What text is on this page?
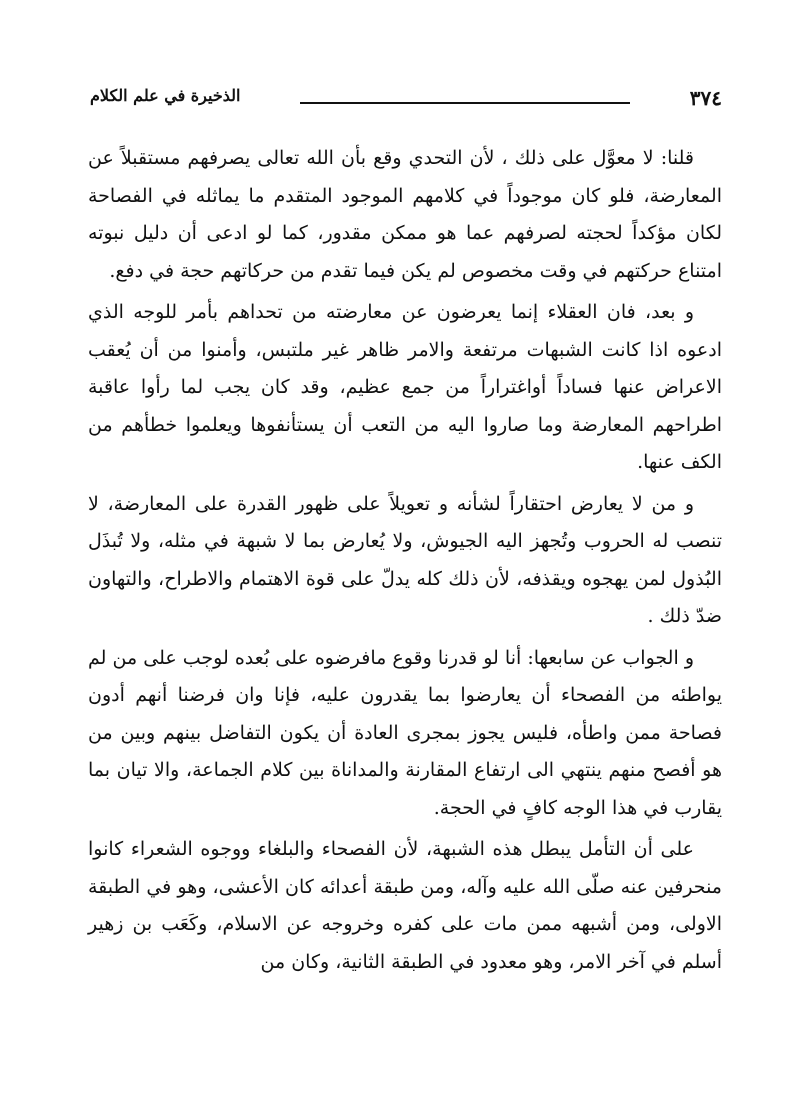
٣٧٤
الذخيرة في علم الكلام

قلنا: لا معوَّل على ذلك ، لأن التحدي وقع بأن الله تعالى يصرفهم مستقبلاً عن المعارضة، فلو كان موجوداً في كلامهم الموجود المتقدم ما يماثله في الفصاحة لكان مؤكداً لحجته لصرفهم عما هو ممكن مقدور، كما لو ادعى أن دليل نبوته امتناع حركتهم في وقت مخصوص لم يكن فيما تقدم من حركاتهم حجة في دفع.

و بعد، فان العقلاء إنما يعرضون عن معارضته من تحداهم بأمر للوجه الذي ادعوه اذا كانت الشبهات مرتفعة والامر ظاهر غير ملتبس، وأمنوا من أن يُعقب الاعراض عنها فساداً أواغتراراً من جمع عظيم، وقد كان يجب لما رأوا عاقبة اطراحهم المعارضة وما صاروا اليه من التعب أن يستأنفوها ويعلموا خطأهم من الكف عنها.

و من لا يعارض احتقاراً لشأنه و تعويلاً على ظهور القدرة على المعارضة، لا تنصب له الحروب وتُجهز اليه الجيوش، ولا يُعارض بما لا شبهة في مثله، ولا تُبذَل البُذول لمن يهجوه ويقذفه، لأن ذلك كله يدلّ على قوة الاهتمام والاطراح، والتهاون ضدّ ذلك .

و الجواب عن سابعها: أنا لو قدرنا وقوع مافرضوه على بُعده لوجب على من لم يواطئه من الفصحاء أن يعارضوا بما يقدرون عليه، فإنا وان فرضنا أنهم أدون فصاحة ممن واطأه، فليس يجوز بمجرى العادة أن يكون التفاضل بينهم وبين من هو أفصح منهم ينتهي الى ارتفاع المقارنة والمداناة بين كلام الجماعة، والا تيان بما يقارب في هذا الوجه كافٍ في الحجة.

على أن التأمل يبطل هذه الشبهة، لأن الفصحاء والبلغاء ووجوه الشعراء كانوا منحرفين عنه صلّى الله عليه وآله، ومن طبقة أعدائه كان الأعشى، وهو في الطبقة الاولى، ومن أشبهه ممن مات على كفره وخروجه عن الاسلام، وكَعَب بن زهير أسلم في آخر الامر، وهو معدود في الطبقة الثانية، وكان من
